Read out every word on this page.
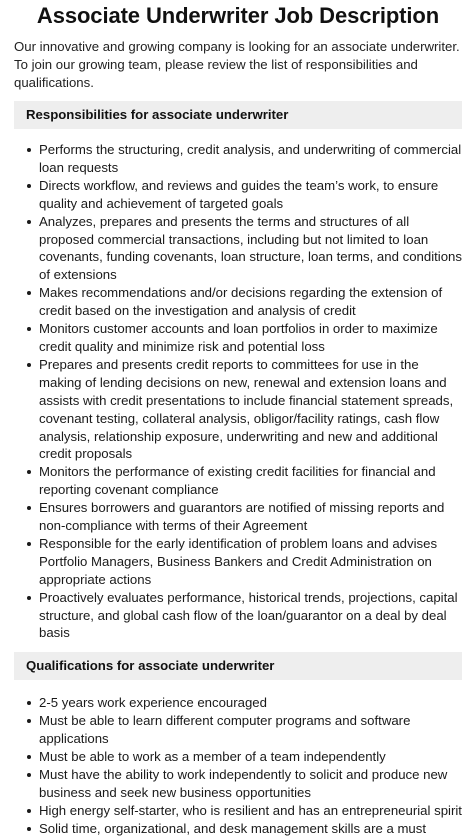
Associate Underwriter Job Description

Our innovative and growing company is looking for an associate underwriter. To join our growing team, please review the list of responsibilities and qualifications.

Responsibilities for associate underwriter
Performs the structuring, credit analysis, and underwriting of commercial loan requests
Directs workflow, and reviews and guides the team’s work, to ensure quality and achievement of targeted goals
Analyzes, prepares and presents the terms and structures of all proposed commercial transactions, including but not limited to loan covenants, funding covenants, loan structure, loan terms, and conditions of extensions
Makes recommendations and/or decisions regarding the extension of credit based on the investigation and analysis of credit
Monitors customer accounts and loan portfolios in order to maximize credit quality and minimize risk and potential loss
Prepares and presents credit reports to committees for use in the making of lending decisions on new, renewal and extension loans and assists with credit presentations to include financial statement spreads, covenant testing, collateral analysis, obligor/facility ratings, cash flow analysis, relationship exposure, underwriting and new and additional credit proposals
Monitors the performance of existing credit facilities for financial and reporting covenant compliance
Ensures borrowers and guarantors are notified of missing reports and non-compliance with terms of their Agreement
Responsible for the early identification of problem loans and advises Portfolio Managers, Business Bankers and Credit Administration on appropriate actions
Proactively evaluates performance, historical trends, projections, capital structure, and global cash flow of the loan/guarantor on a deal by deal basis
Qualifications for associate underwriter
2-5 years work experience encouraged
Must be able to learn different computer programs and software applications
Must be able to work as a member of a team independently
Must have the ability to work independently to solicit and produce new business and seek new business opportunities
High energy self-starter, who is resilient and has an entrepreneurial spirit
Solid time, organizational, and desk management skills are a must
